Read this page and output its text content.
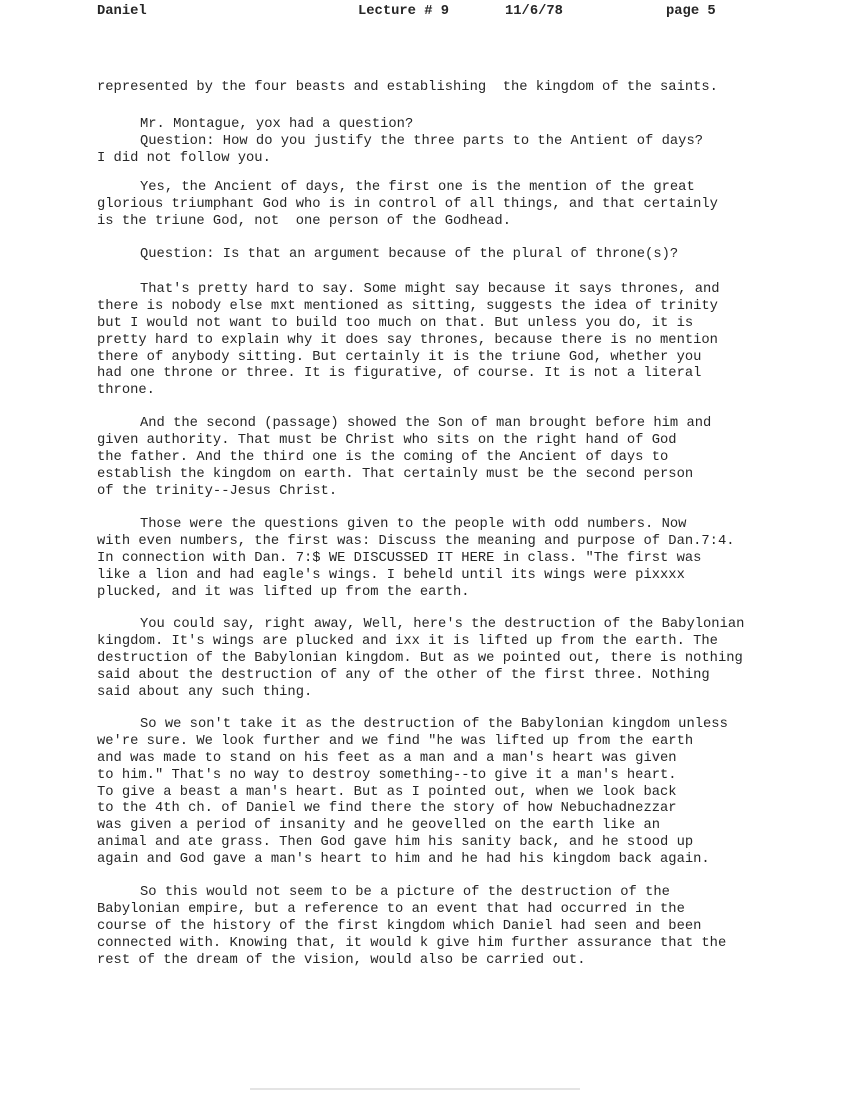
Daniel	Lecture # 9	11/6/78	page 5
represented by the four beasts and establishing  the kingdom of the saints.
Mr. Montague, yox had a question?
Question: How do you justify the three parts to the Antient of days?
I did not follow you.
Yes, the Ancient of days, the first one is the mention of the great
glorious triumphant God who is in control of all things, and that certainly
is the triune God, not  one person of the Godhead.
Question: Is that an argument because of the plural of throne(s)?
That's pretty hard to say. Some might say because it says thrones, and
there is nobody else mxt mentioned as sitting, suggests the idea of trinity
but I would not want to build too much on that. But unless you do, it is
pretty hard to explain why it does say thrones, because there is no mention
there of anybody sitting. But certainly it is the triune God, whether you
had one throne or three. It is figurative, of course. It is not a literal
throne.
And the second (passage) showed the Son of man brought before him and
given authority. That must be Christ who sits on the right hand of God
the father. And the third one is the coming of the Ancient of days to
establish the kingdom on earth. That certainly must be the second person
of the trinity--Jesus Christ.
Those were the questions given to the people with odd numbers. Now
with even numbers, the first was: Discuss the meaning and purpose of Dan.7:4.
In connection with Dan. 7:$ WE DISCUSSED IT HERE in class. "The first was
like a lion and had eagle's wings. I beheld until its wings were pixxxx
plucked, and it was lifted up from the earth.
You could say, right away, Well, here's the destruction of the Babylonian
kingdom. It's wings are plucked and ixx it is lifted up from the earth. The
destruction of the Babylonian kingdom. But as we pointed out, there is nothing
said about the destruction of any of the other of the first three. Nothing
said about any such thing.
So we son't take it as the destruction of the Babylonian kingdom unless
we're sure. We look further and we find "he was lifted up from the earth
and was made to stand on his feet as a man and a man's heart was given
to him." That's no way to destroy something--to give it a man's heart.
To give a beast a man's heart. But as I pointed out, when we look back
to the 4th ch. of Daniel we find there the story of how Nebuchadnezzar
was given a period of insanity and he geovelled on the earth like an
animal and ate grass. Then God gave him his sanity back, and he stood up
again and God gave a man's heart to him and he had his kingdom back again.
So this would not seem to be a picture of the destruction of the
Babylonian empire, but a reference to an event that had occurred in the
course of the history of the first kingdom which Daniel had seen and been
connected with. Knowing that, it would k give him further assurance that the
rest of the dream of the vision, would also be carried out.
